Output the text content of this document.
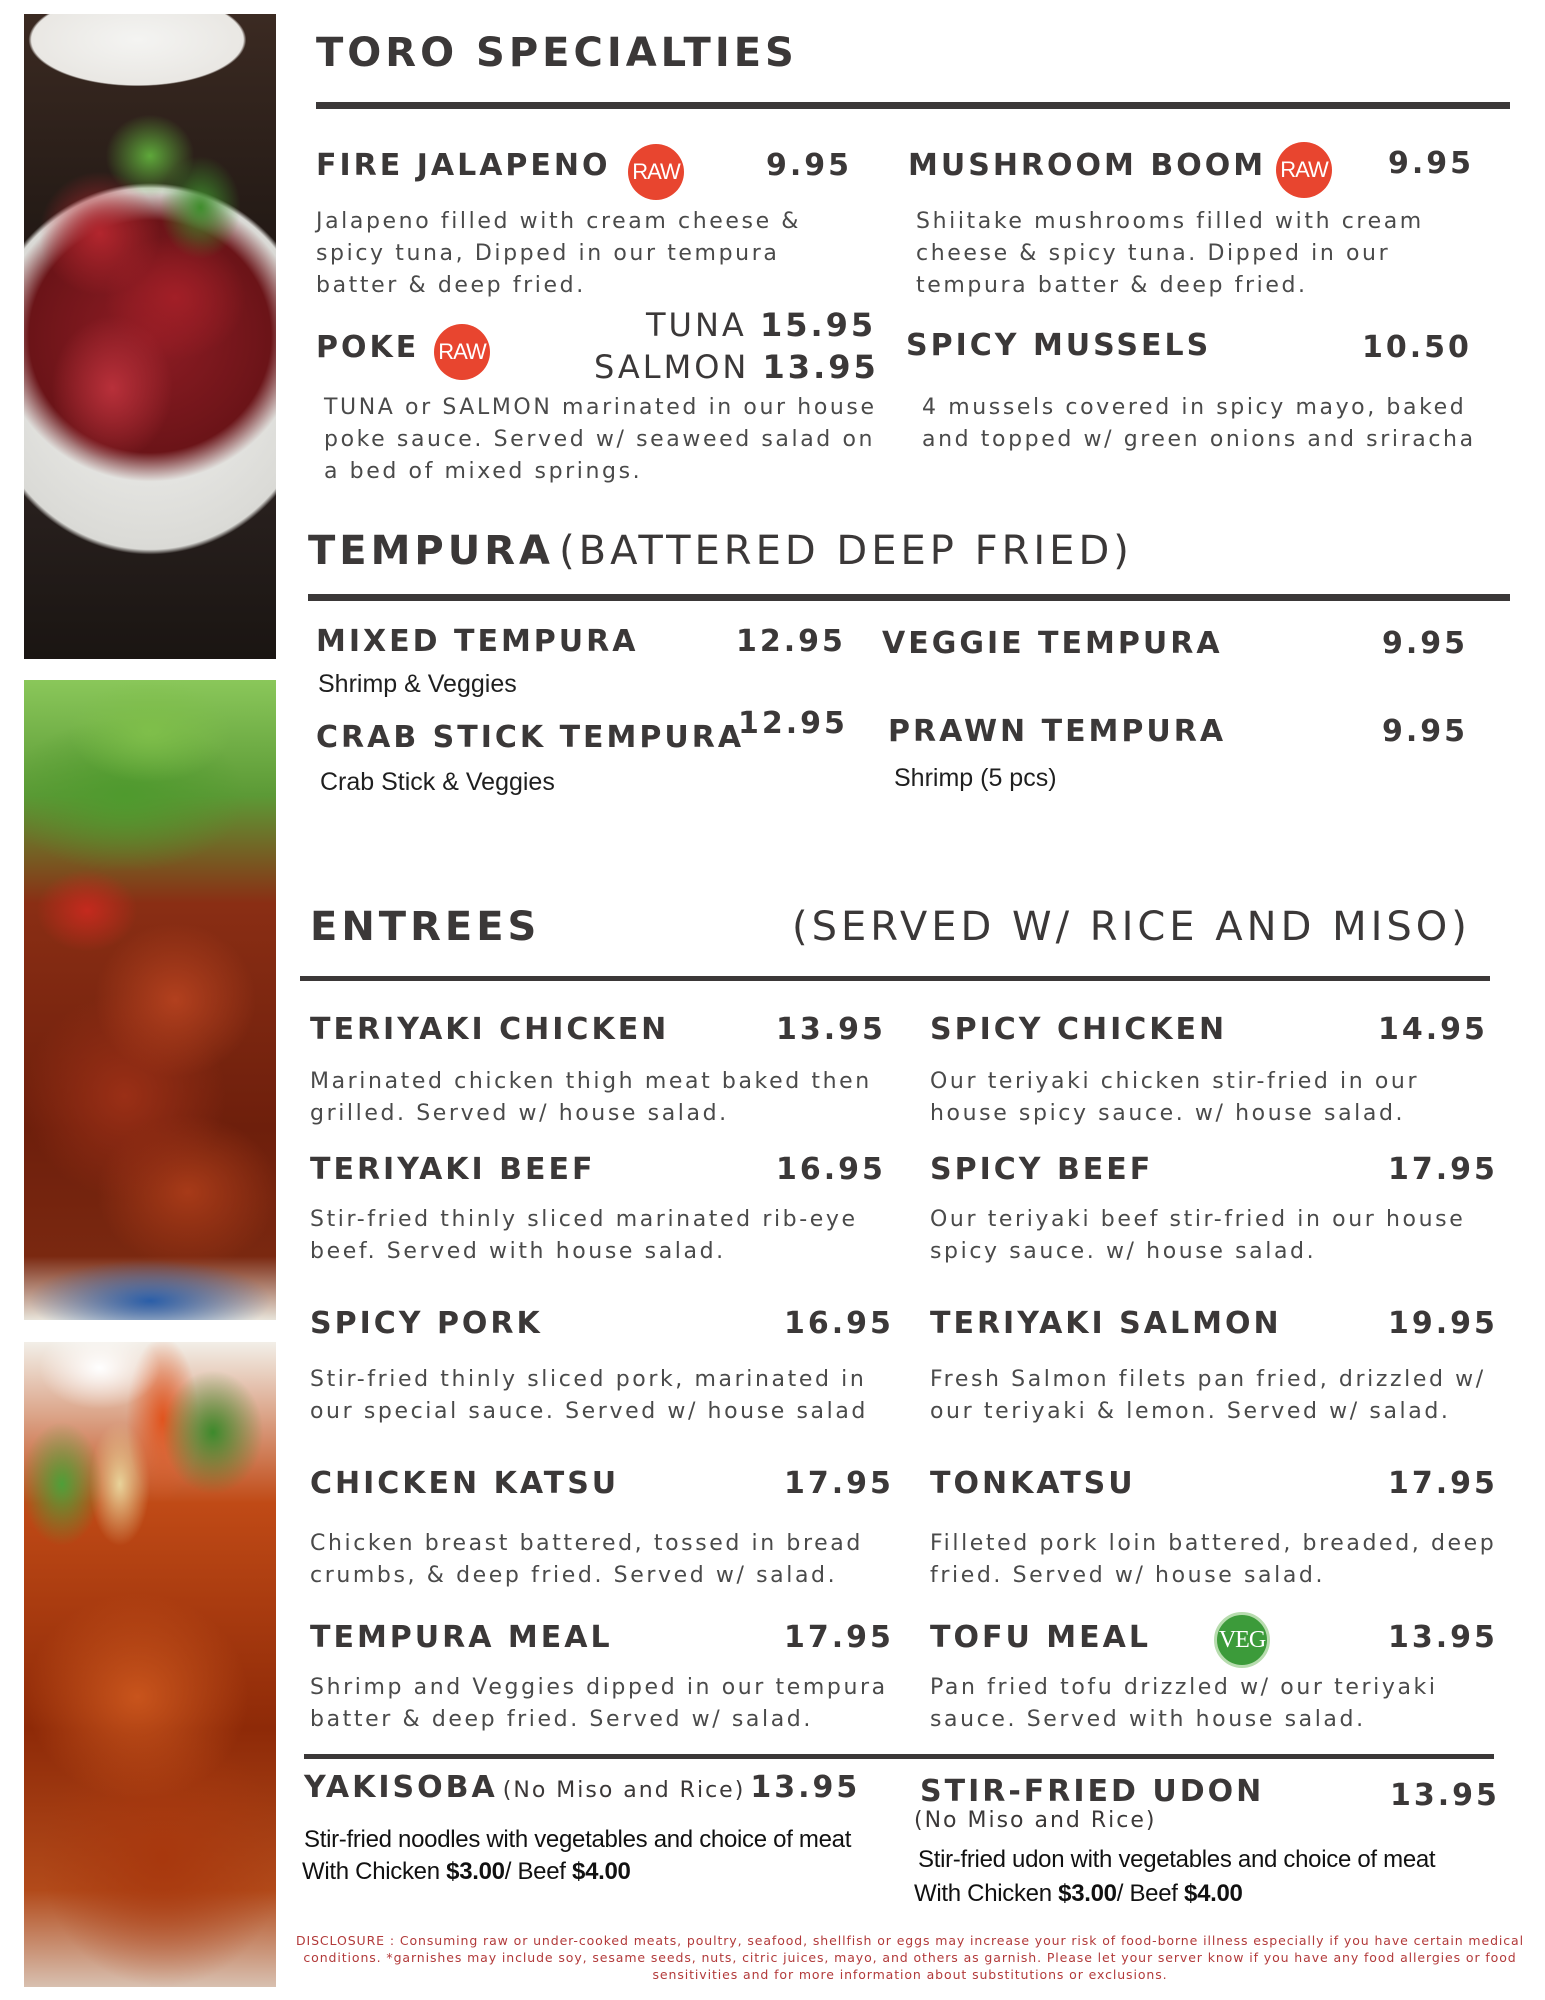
TORO SPECIALTIES
FIRE JALAPENO RAW	9.95
Jalapeno filled with cream cheese & spicy tuna, Dipped in our tempura batter & deep fried.
MUSHROOM BOOM RAW 9.95
Shiitake mushrooms filled with cream cheese & spicy tuna. Dipped in our tempura batter & deep fried.
POKE RAW
TUNA 15.95
SALMON 13.95
TUNA or SALMON marinated in our house poke sauce. Served w/ seaweed salad on a bed of mixed springs.
SPICY MUSSELS	10.50
4 mussels covered in spicy mayo, baked and topped w/ green onions and sriracha
TEMPURA (BATTERED DEEP FRIED)
MIXED TEMPURA	12.95
Shrimp & Veggies
VEGGIE TEMPURA	9.95
CRAB STICK TEMPURA
12.95
Crab Stick & Veggies
PRAWN TEMPURA	9.95
Shrimp (5 pcs)
ENTREES	(SERVED W/ RICE AND MISO)
TERIYAKI CHICKEN	13.95
Marinated chicken thigh meat baked then grilled. Served w/ house salad.
SPICY CHICKEN	14.95
Our teriyaki chicken stir-fried in our house spicy sauce. w/ house salad.
TERIYAKI BEEF	16.95
Stir-fried thinly sliced marinated rib-eye beef. Served with house salad.
SPICY BEEF	17.95
Our teriyaki beef stir-fried in our house spicy sauce. w/ house salad.
SPICY PORK	16.95
Stir-fried thinly sliced pork, marinated in our special sauce. Served w/ house salad
TERIYAKI SALMON	19.95
Fresh Salmon filets pan fried, drizzled w/ our teriyaki & lemon. Served w/ salad.
CHICKEN KATSU	17.95
Chicken breast battered, tossed in bread crumbs, & deep fried. Served w/ salad.
TONKATSU	17.95
Filleted pork loin battered, breaded, deep fried. Served w/ house salad.
TEMPURA MEAL	17.95
Shrimp and Veggies dipped in our tempura batter & deep fried. Served w/ salad.
TOFU MEAL	VEG	13.95
Pan fried tofu drizzled w/ our teriyaki sauce. Served with house salad.
YAKISOBA (No Miso and Rice) 13.95
Stir-fried noodles with vegetables and choice of meat
With Chicken $3.00/ Beef $4.00
STIR-FRIED UDON	13.95
(No Miso and Rice)
Stir-fried udon with vegetables and choice of meat
With Chicken $3.00/ Beef $4.00
DISCLOSURE : Consuming raw or under-cooked meats, poultry, seafood, shellfish or eggs may increase your risk of food-borne illness especially if you have certain medical conditions. *garnishes may include soy, sesame seeds, nuts, citric juices, mayo, and others as garnish. Please let your server know if you have any food allergies or food sensitivities and for more information about substitutions or exclusions.
